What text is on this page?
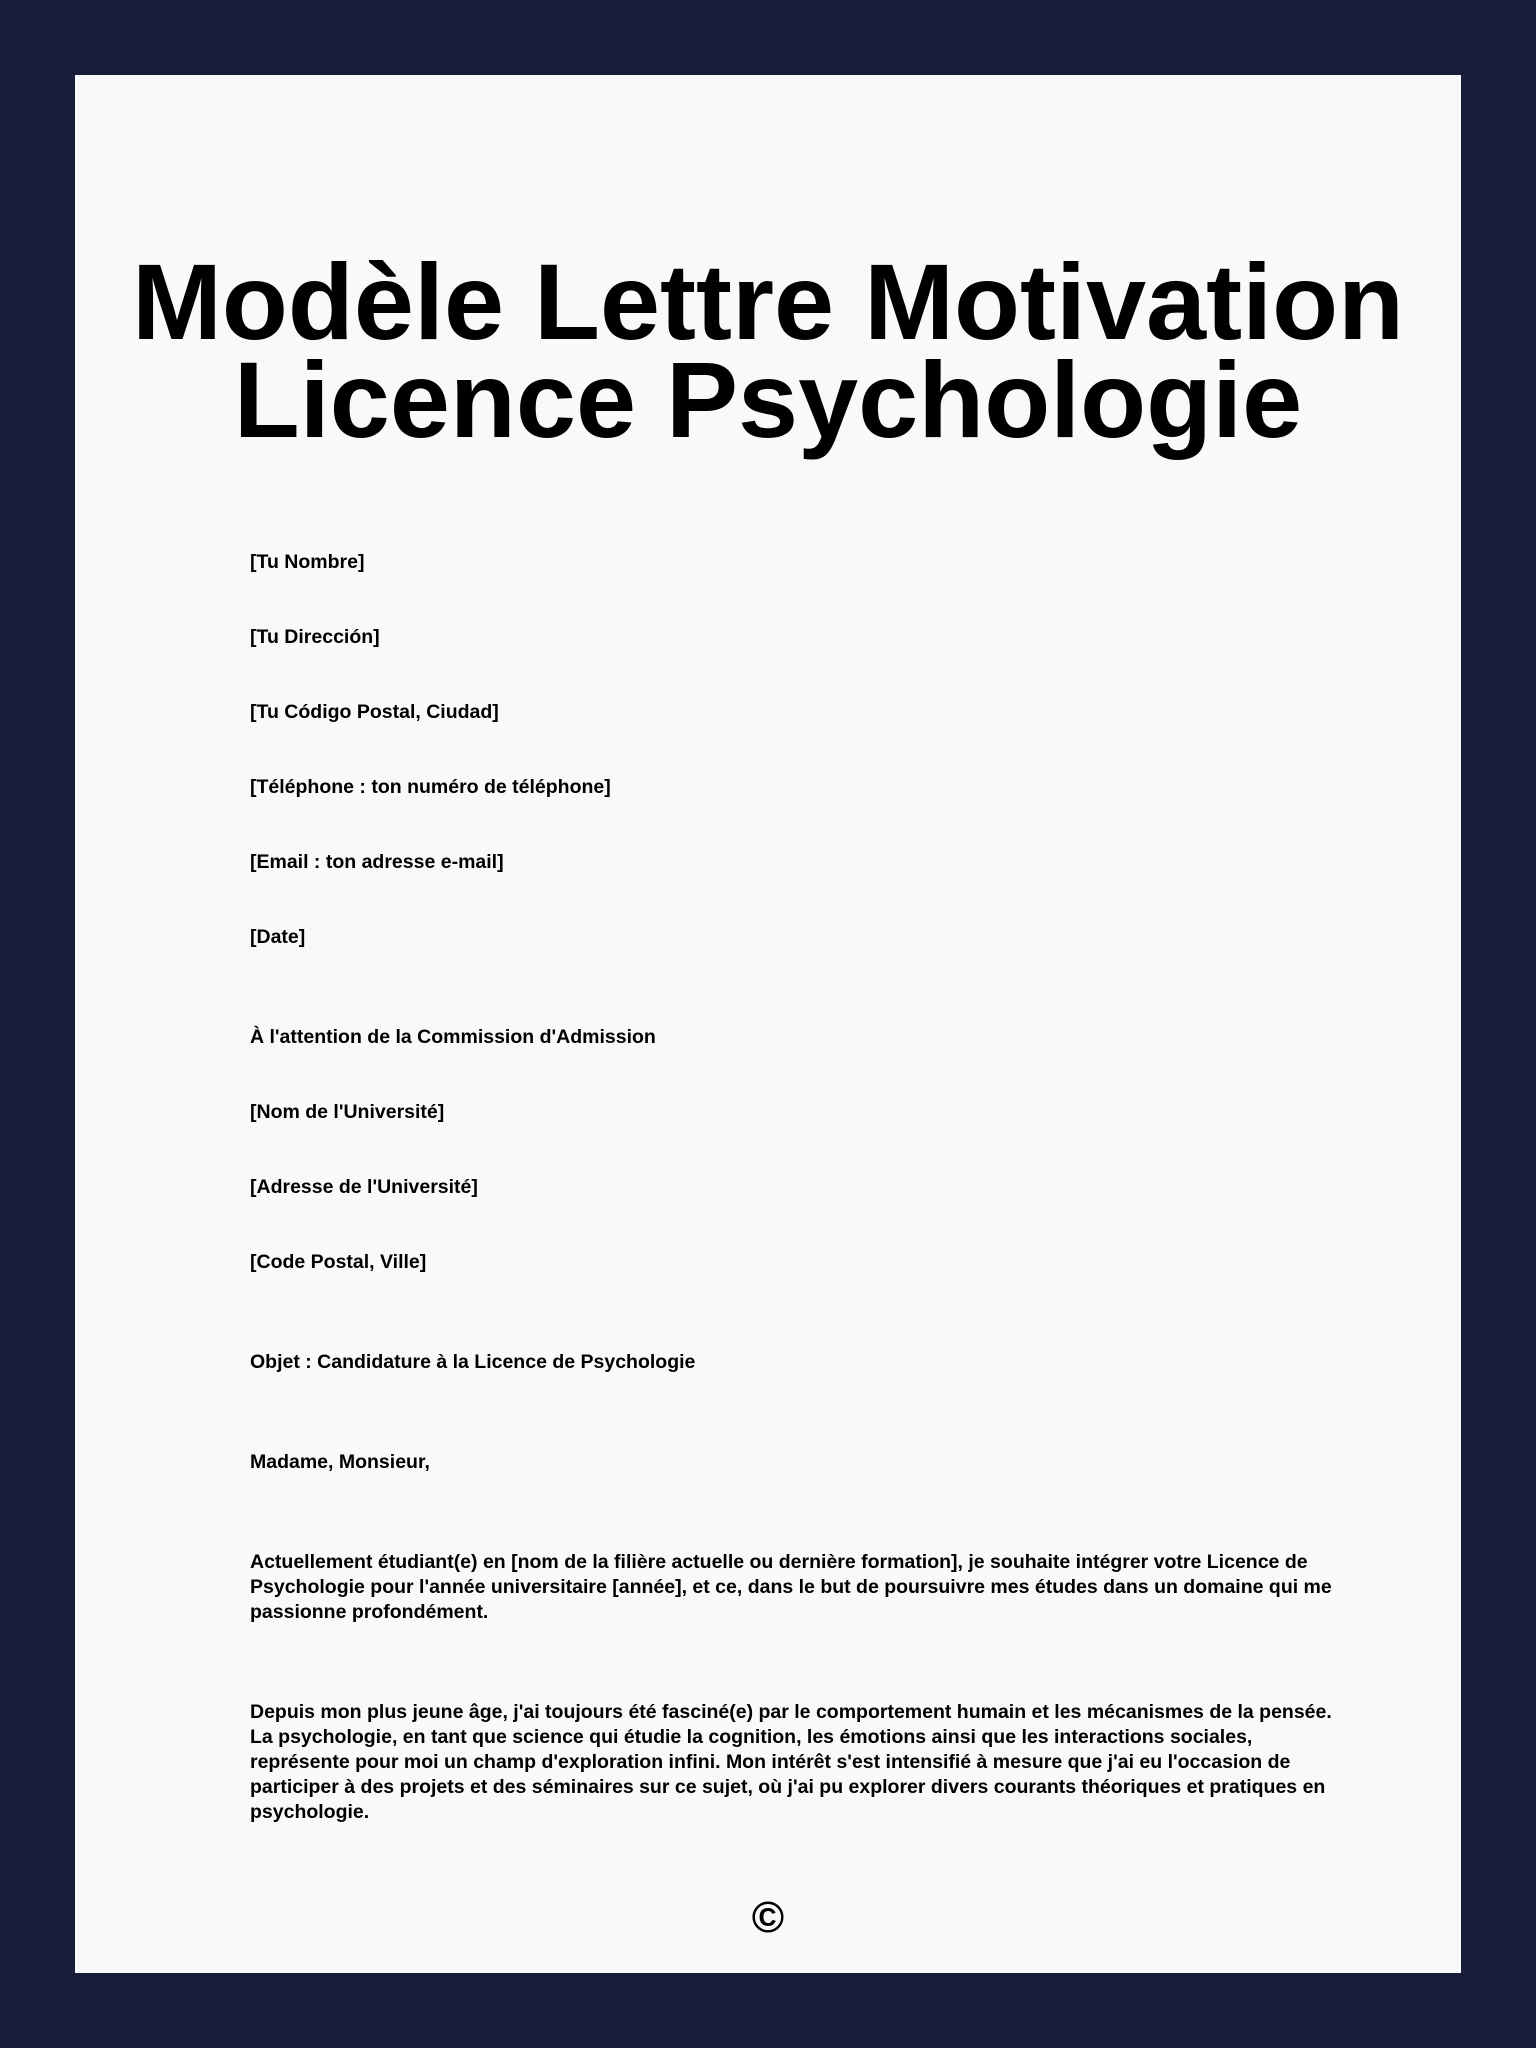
Modèle Lettre Motivation
Licence Psychologie
[Tu Nombre]
[Tu Dirección]
[Tu Código Postal, Ciudad]
[Téléphone : ton numéro de téléphone]
[Email : ton adresse e-mail]
[Date]
À l'attention de la Commission d'Admission
[Nom de l'Université]
[Adresse de l'Université]
[Code Postal, Ville]
Objet : Candidature à la Licence de Psychologie
Madame, Monsieur,
Actuellement étudiant(e) en [nom de la filière actuelle ou dernière formation], je souhaite intégrer votre Licence de Psychologie pour l'année universitaire [année], et ce, dans le but de poursuivre mes études dans un domaine qui me passionne profondément.
Depuis mon plus jeune âge, j'ai toujours été fasciné(e) par le comportement humain et les mécanismes de la pensée. La psychologie, en tant que science qui étudie la cognition, les émotions ainsi que les interactions sociales, représente pour moi un champ d'exploration infini. Mon intérêt s'est intensifié à mesure que j'ai eu l'occasion de participer à des projets et des séminaires sur ce sujet, où j'ai pu explorer divers courants théoriques et pratiques en psychologie.
©
